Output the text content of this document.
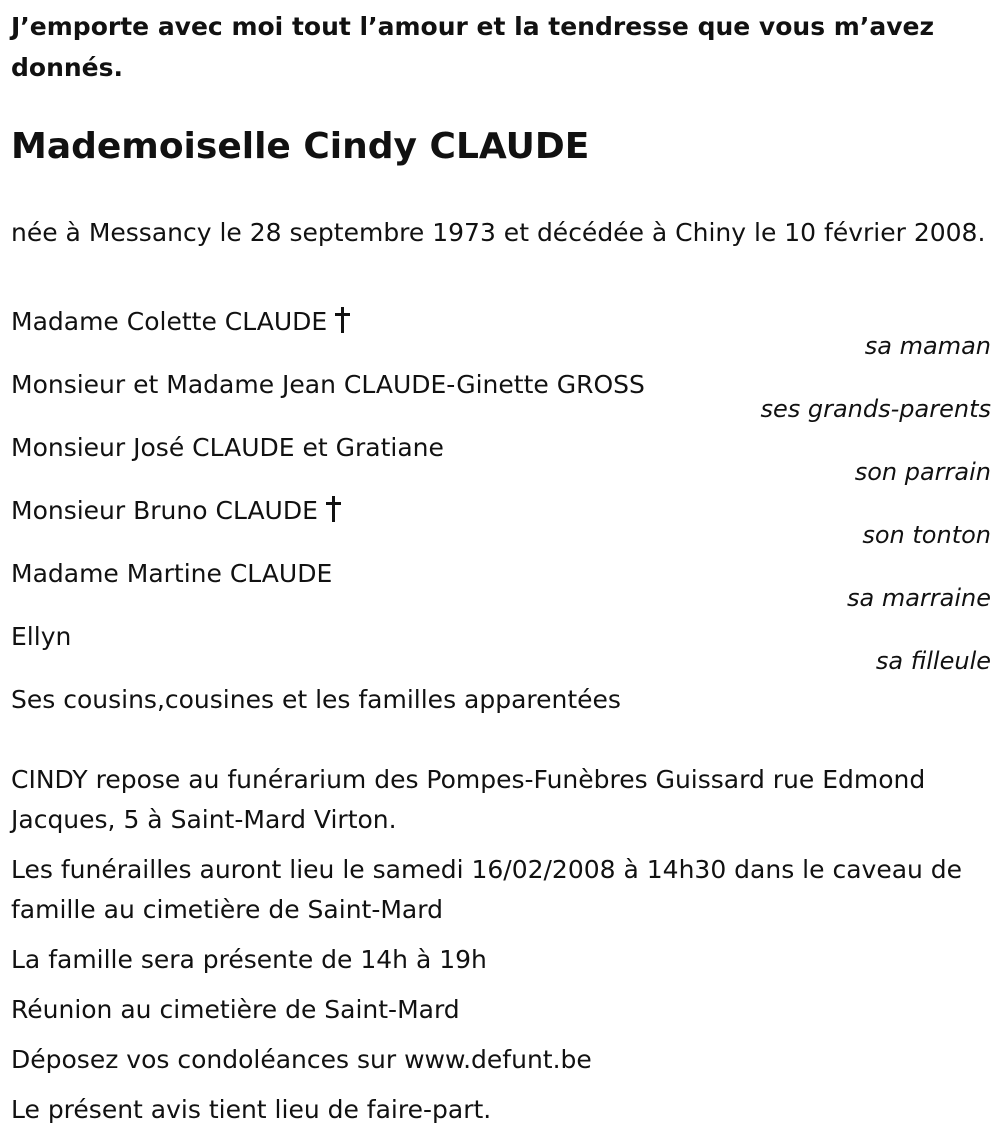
J’emporte avec moi tout l’amour et la tendresse que vous m’avez donnés.

Mademoiselle Cindy CLAUDE

née à Messancy le 28 septembre 1973 et décédée à Chiny le 10 février 2008.

Madame Colette CLAUDE
sa maman
Monsieur et Madame Jean CLAUDE-Ginette GROSS
ses grands-parents
Monsieur José CLAUDE et Gratiane
son parrain
Monsieur Bruno CLAUDE
son tonton
Madame Martine CLAUDE
sa marraine
Ellyn
sa filleule

Ses cousins,cousines et les familles apparentées

CINDY repose au funérarium des Pompes-Funèbres Guissard rue Edmond Jacques, 5 à Saint-Mard Virton.

Les funérailles auront lieu le samedi 16/02/2008 à 14h30 dans le caveau de famille au cimetière de Saint-Mard

La famille sera présente de 14h à 19h

Réunion au cimetière de Saint-Mard

Déposez vos condoléances sur www.defunt.be

Le présent avis tient lieu de faire-part.
